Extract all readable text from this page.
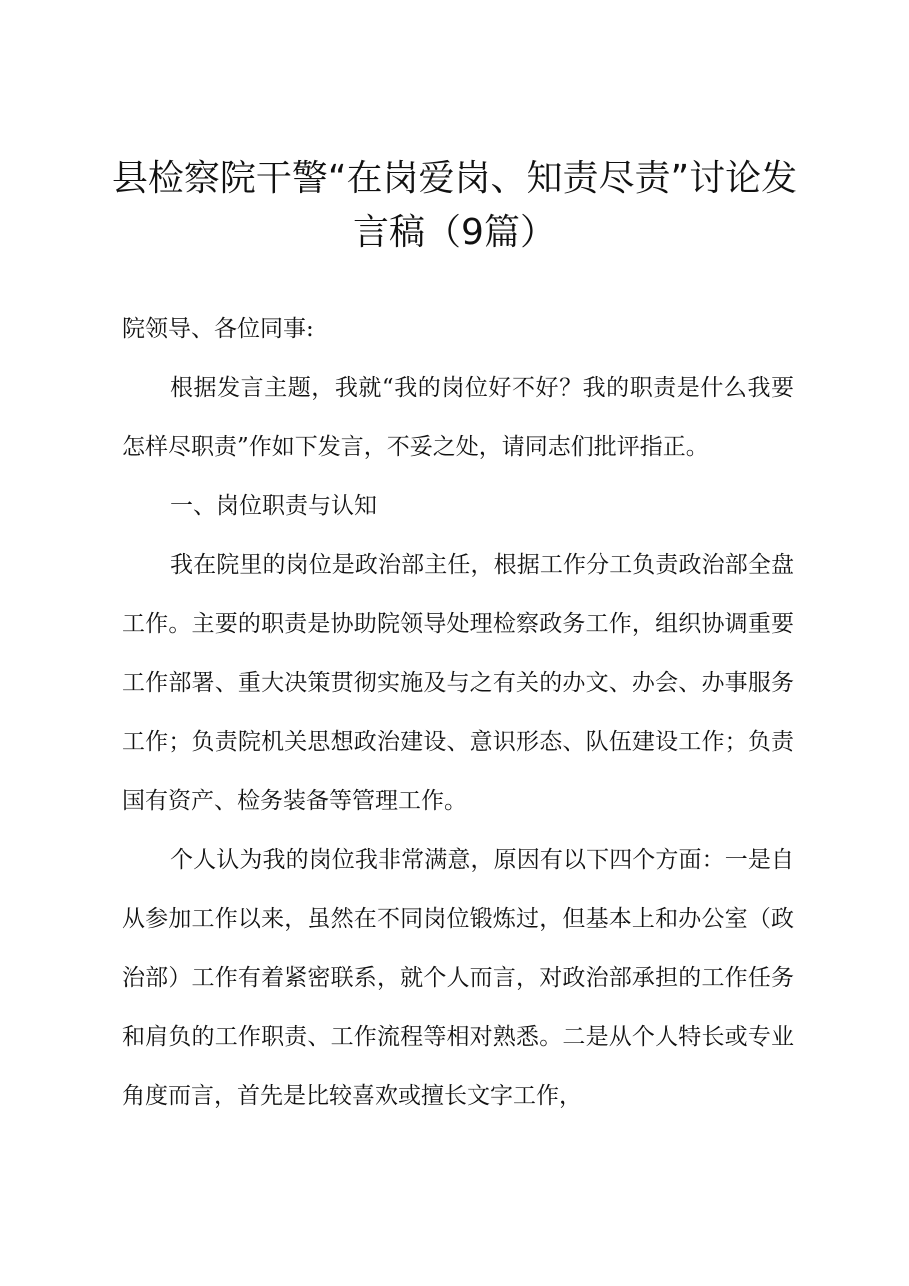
县检察院干警“在岗爱岗、知责尽责”讨论发
言稿（9篇）

院领导、各位同事:

根据发言主题，我就“我的岗位好不好？我的职责是什么我要怎样尽职责”作如下发言，不妥之处，请同志们批评指正。

一、岗位职责与认知

我在院里的岗位是政治部主任，根据工作分工负责政治部全盘工作。主要的职责是协助院领导处理检察政务工作，组织协调重要工作部署、重大决策贯彻实施及与之有关的办文、办会、办事服务工作；负责院机关思想政治建设、意识形态、队伍建设工作；负责国有资产、检务装备等管理工作。

个人认为我的岗位我非常满意，原因有以下四个方面：一是自从参加工作以来，虽然在不同岗位锻炼过，但基本上和办公室（政治部）工作有着紧密联系，就个人而言，对政治部承担的工作任务和肩负的工作职责、工作流程等相对熟悉。二是从个人特长或专业角度而言，首先是比较喜欢或擅长文字工作，
